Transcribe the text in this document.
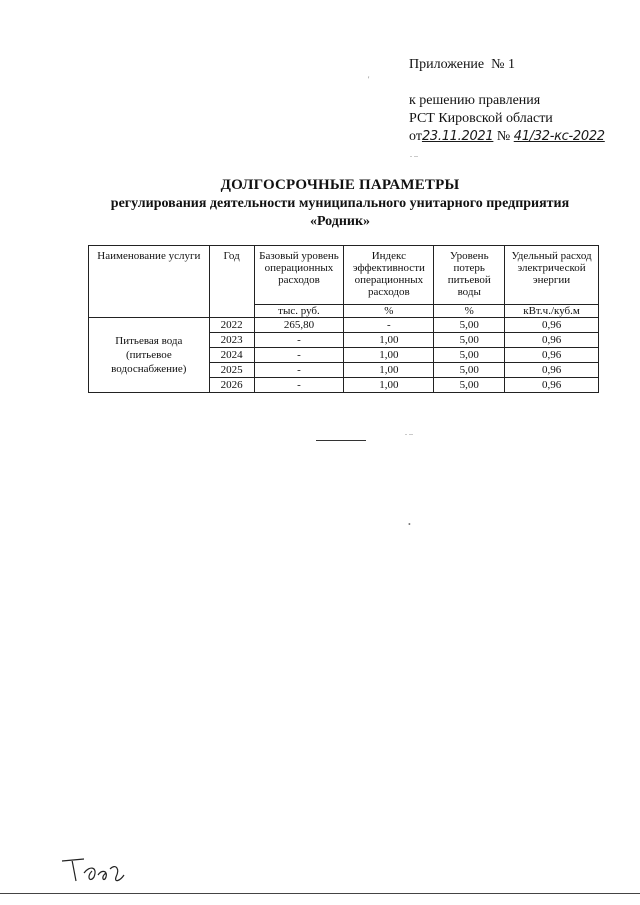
Приложение № 1
к решению правления
РСТ Кировской области
от23.11.2021 № 41/32-кс-2022
'
. ..
ДОЛГОСРОЧНЫЕ ПАРАМЕТРЫ
регулирования деятельности муниципального унитарного предприятия
«Родник»
Наименование услуги	Год	Базовый уровень операционных расходов	Индекс эффективности операционных расходов	Уровень потерь питьевой воды	Удельный расход электрической энергии
		тыс. руб.	%	%	кВт.ч./куб.м
Питьевая вода (питьевое водоснабжение)	2022	265,80	-	5,00	0,96
	2023	-	1,00	5,00	0,96
	2024	-	1,00	5,00	0,96
	2025	-	1,00	5,00	0,96
	2026	-	1,00	5,00	0,96
. ..
•
